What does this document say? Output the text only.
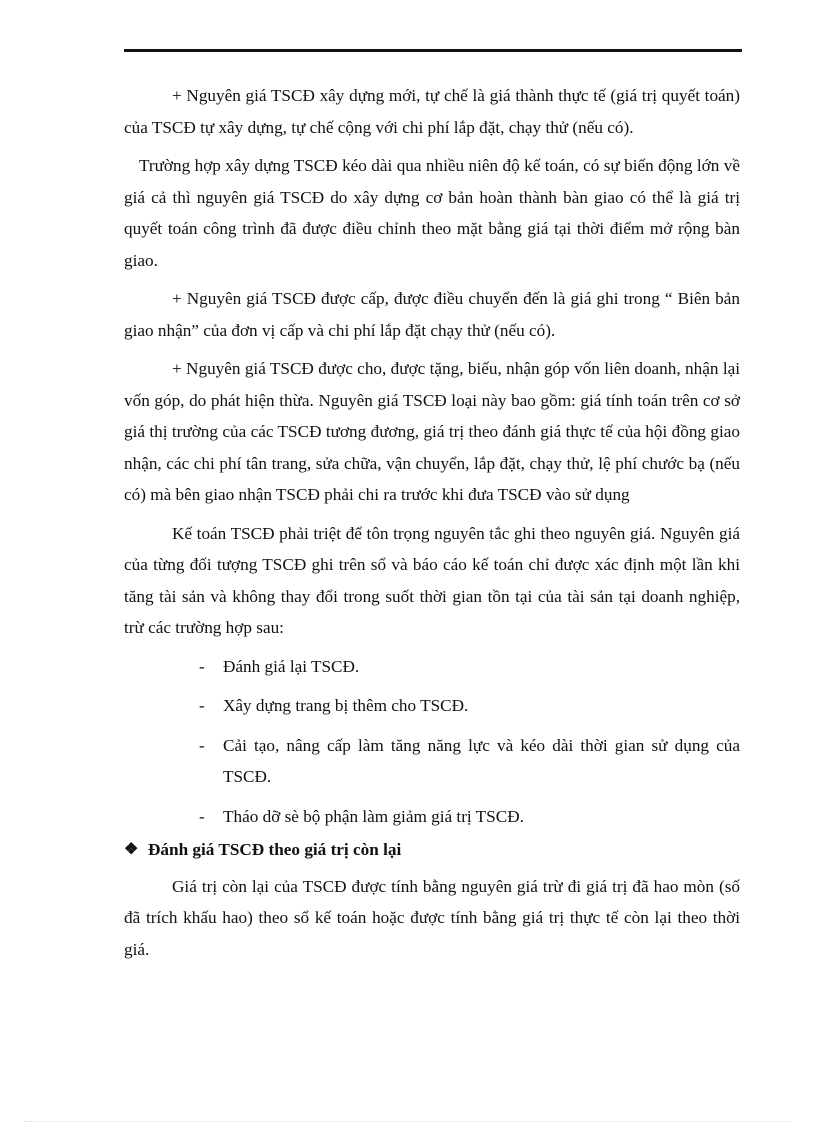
+ Nguyên giá TSCĐ xây dựng mới, tự chế là giá thành thực tế (giá trị quyết toán) của TSCĐ tự xây dựng, tự chế cộng với chi phí lắp đặt, chạy thử (nếu có).

Trường hợp xây dựng TSCĐ kéo dài qua nhiều niên độ kế toán, có sự biến động lớn về giá cả thì nguyên giá TSCĐ do xây dựng cơ bản hoàn thành bàn giao có thể là giá trị quyết toán công trình đã được điều chỉnh theo mặt bằng giá tại thời điểm mở rộng bàn giao.

+ Nguyên giá TSCĐ được cấp, được điều chuyển đến là giá ghi trong “ Biên bản giao nhận” của đơn vị cấp và chi phí lắp đặt chạy thử (nếu có).

+ Nguyên giá TSCĐ được cho, được tặng, biếu, nhận góp vốn liên doanh, nhận lại vốn góp, do phát hiện thừa. Nguyên giá TSCĐ loại này bao gồm: giá tính toán trên cơ sở giá thị trường của các TSCĐ tương đương, giá trị theo đánh giá thực tế của hội đồng giao nhận, các chi phí tân trang, sửa chữa, vận chuyển, lắp đặt, chạy thử, lệ phí chước bạ (nếu có) mà bên giao nhận TSCĐ phải chi ra trước khi đưa TSCĐ vào sử dụng

Kế toán TSCĐ phải triệt để tôn trọng nguyên tắc ghi theo nguyên giá. Nguyên giá của từng đối tượng TSCĐ ghi trên sổ và báo cáo kế toán chỉ được xác định một lần khi tăng tài sản và không thay đổi trong suốt thời gian tồn tại của tài sản tại doanh nghiệp, trừ các trường hợp sau:

- Đánh giá lại TSCĐ.
- Xây dựng trang bị thêm cho TSCĐ.
- Cải tạo, nâng cấp làm tăng năng lực và kéo dài thời gian sử dụng của TSCĐ.
- Tháo dỡ sè bộ phận làm giảm giá trị TSCĐ.
❖ Đánh giá TSCĐ theo giá trị còn lại

Giá trị còn lại của TSCĐ được tính bằng nguyên giá trừ đi giá trị đã hao mòn (số đã trích khấu hao) theo sổ kế toán hoặc được tính bằng giá trị thực tế còn lại theo thời giá.
